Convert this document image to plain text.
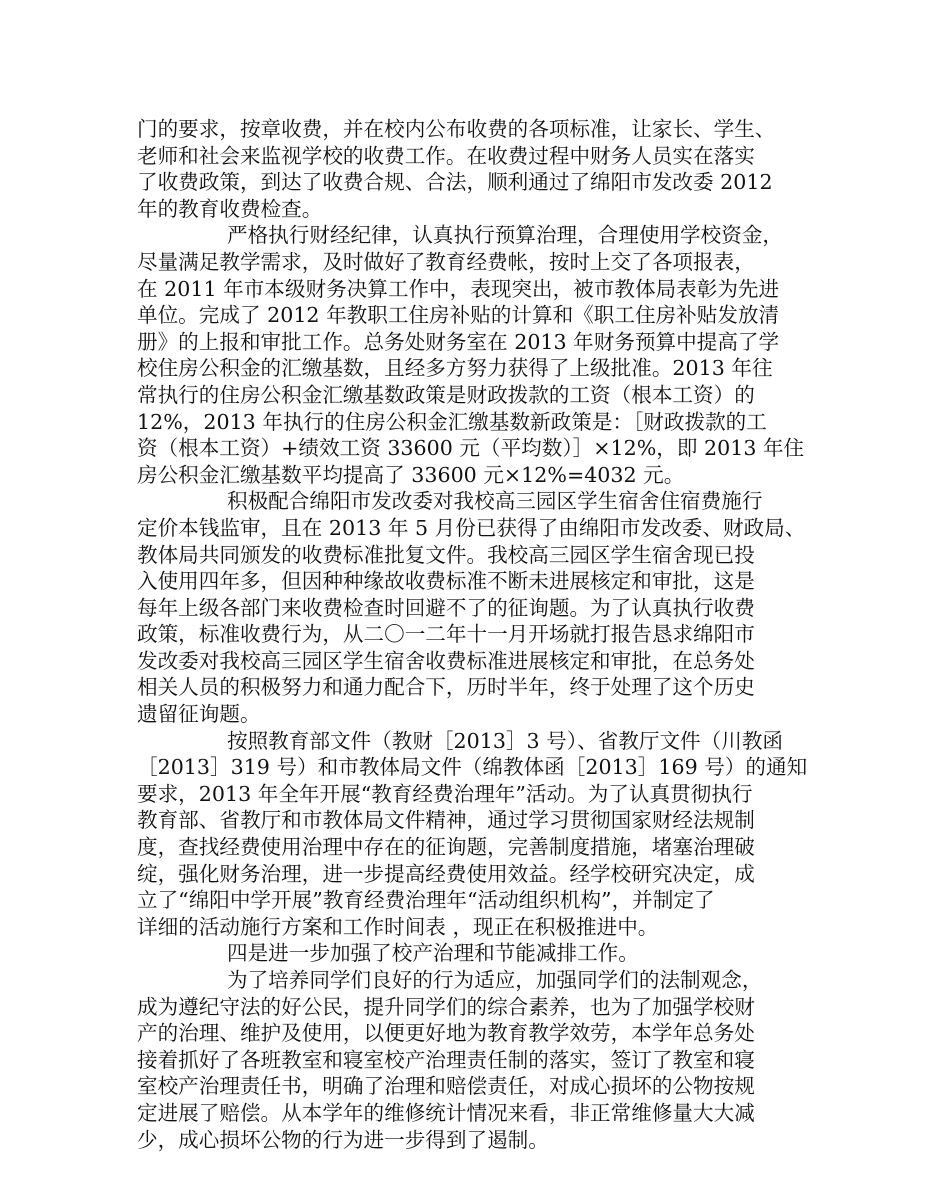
门的要求，按章收费，并在校内公布收费的各项标准，让家长、学生、
老师和社会来监视学校的收费工作。在收费过程中财务人员实在落实
了收费政策，到达了收费合规、合法，顺利通过了绵阳市发改委 2012
年的教育收费检查。

严格执行财经纪律，认真执行预算治理，合理使用学校资金，
尽量满足教学需求，及时做好了教育经费帐，按时上交了各项报表，
在 2011 年市本级财务决算工作中，表现突出，被市教体局表彰为先进
单位。完成了 2012 年教职工住房补贴的计算和《职工住房补贴发放清
册》的上报和审批工作。总务处财务室在 2013 年财务预算中提高了学
校住房公积金的汇缴基数，且经多方努力获得了上级批准。2013 年往
常执行的住房公积金汇缴基数政策是财政拨款的工资（根本工资）的
12%，2013 年执行的住房公积金汇缴基数新政策是：［财政拨款的工
资（根本工资）+绩效工资 33600 元（平均数）］×12%，即 2013 年住
房公积金汇缴基数平均提高了 33600 元×12%=4032 元。

积极配合绵阳市发改委对我校高三园区学生宿舍住宿费施行
定价本钱监审，且在 2013 年 5 月份已获得了由绵阳市发改委、财政局、
教体局共同颁发的收费标准批复文件。我校高三园区学生宿舍现已投
入使用四年多，但因种种缘故收费标准不断未进展核定和审批，这是
每年上级各部门来收费检查时回避不了的征询题。为了认真执行收费
政策，标准收费行为，从二〇一二年十一月开场就打报告恳求绵阳市
发改委对我校高三园区学生宿舍收费标准进展核定和审批，在总务处
相关人员的积极努力和通力配合下，历时半年，终于处理了这个历史
遗留征询题。

按照教育部文件（教财［2013］3 号）、省教厅文件（川教函
［2013］319 号）和市教体局文件（绵教体函［2013］169 号）的通知
要求，2013 年全年开展“教育经费治理年”活动。为了认真贯彻执行
教育部、省教厅和市教体局文件精神，通过学习贯彻国家财经法规制
度，查找经费使用治理中存在的征询题，完善制度措施，堵塞治理破
绽，强化财务治理，进一步提高经费使用效益。经学校研究决定，成
立了“绵阳中学开展”教育经费治理年“活动组织机构”，并制定了
详细的活动施行方案和工作时间表 ，现正在积极推进中。

四是进一步加强了校产治理和节能减排工作。

为了培养同学们良好的行为适应，加强同学们的法制观念，
成为遵纪守法的好公民，提升同学们的综合素养，也为了加强学校财
产的治理、维护及使用，以便更好地为教育教学效劳，本学年总务处
接着抓好了各班教室和寝室校产治理责任制的落实，签订了教室和寝
室校产治理责任书，明确了治理和赔偿责任，对成心损坏的公物按规
定进展了赔偿。从本学年的维修统计情况来看，非正常维修量大大减
少，成心损坏公物的行为进一步得到了遏制。
